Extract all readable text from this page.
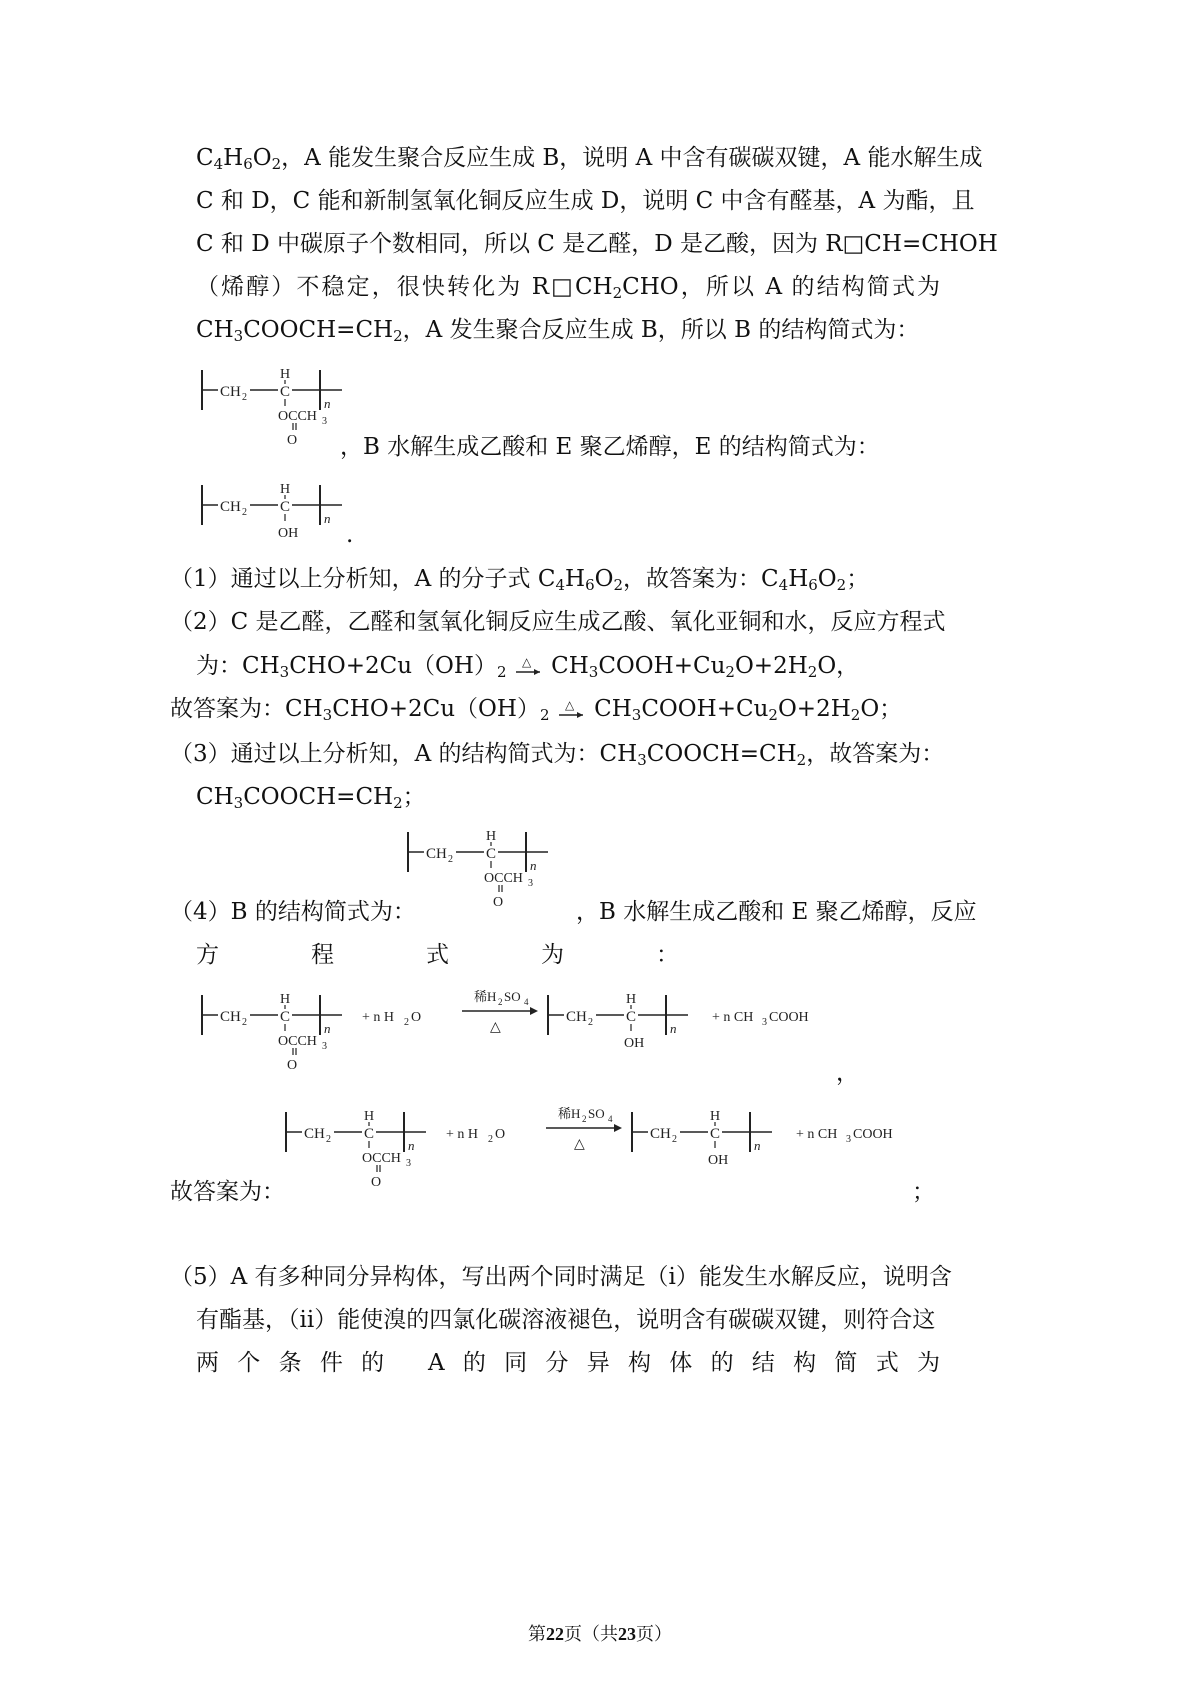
$C_4H_6O_2$，A 能发生聚合反应生成 B，说明 A 中含有碳碳双键，A 能水解生成
C 和 D，C 能和新制氢氧化铜反应生成 D，说明 C 中含有醛基，A 为酯，且
C 和 D 中碳原子个数相同，所以 C 是乙醛，D 是乙酸，因为 R□CH=CHOH
（烯醇）不稳定，很快转化为 $R□CH_2CHO$，所以 A 的结构简式为
$CH_3COOCH=CH_2$，A 发生聚合反应生成 B，所以 B 的结构简式为：
CH 2
H
C
n
OCCH 3
O ，B 水解生成乙酸和 E 聚乙烯醇，E 的结构简式为：
CH 2
H
C
n
OH .
（1）通过以上分析知，A 的分子式 $C_4H_6O_2$，故答案为：$C_4H_6O_2$；
（2）C 是乙醛，乙醛和氢氧化铜反应生成乙酸、氧化亚铜和水，反应方程式
为：$CH_3CHO+2Cu(OH)_2$
△ $CH_3COOH+Cu_2O+2H_2O$，
故答案为：$CH_3CHO+2Cu(OH)_2$
△ $CH_3COOH+Cu_2O+2H_2O$；
（3）通过以上分析知，A 的结构简式为：$CH_3COOCH=CH_2$，故答案为：
$CH_3COOCH=CH_2$；
CH 2
H
C
n
OCCH 3
O
（4）B 的结构简式为：	，B 水解生成乙酸和 E 聚乙烯醇，反应
方　　　　程　　　　式　　　　为　　　　：
CH 2
H
C
n
OCCH 3
O
+ n H 2 O
稀H 2 SO 4
△
CH 2
H
C
n
OH
+ n CH 3 COOH
，
CH 2
H
C
n
OCCH 3
O
+ n H 2 O
稀H 2 SO 4
△
CH 2
H
C
n
OH
+ n CH 3 COOH
故答案为：	；
（5）A 有多种同分异构体，写出两个同时满足（i）能发生水解反应，说明含
有酯基，（ii）能使溴的四氯化碳溶液褪色，说明含有碳碳双键，则符合这
两个条件的 A的同分异构体的结构简式为
第22页（共23页）
